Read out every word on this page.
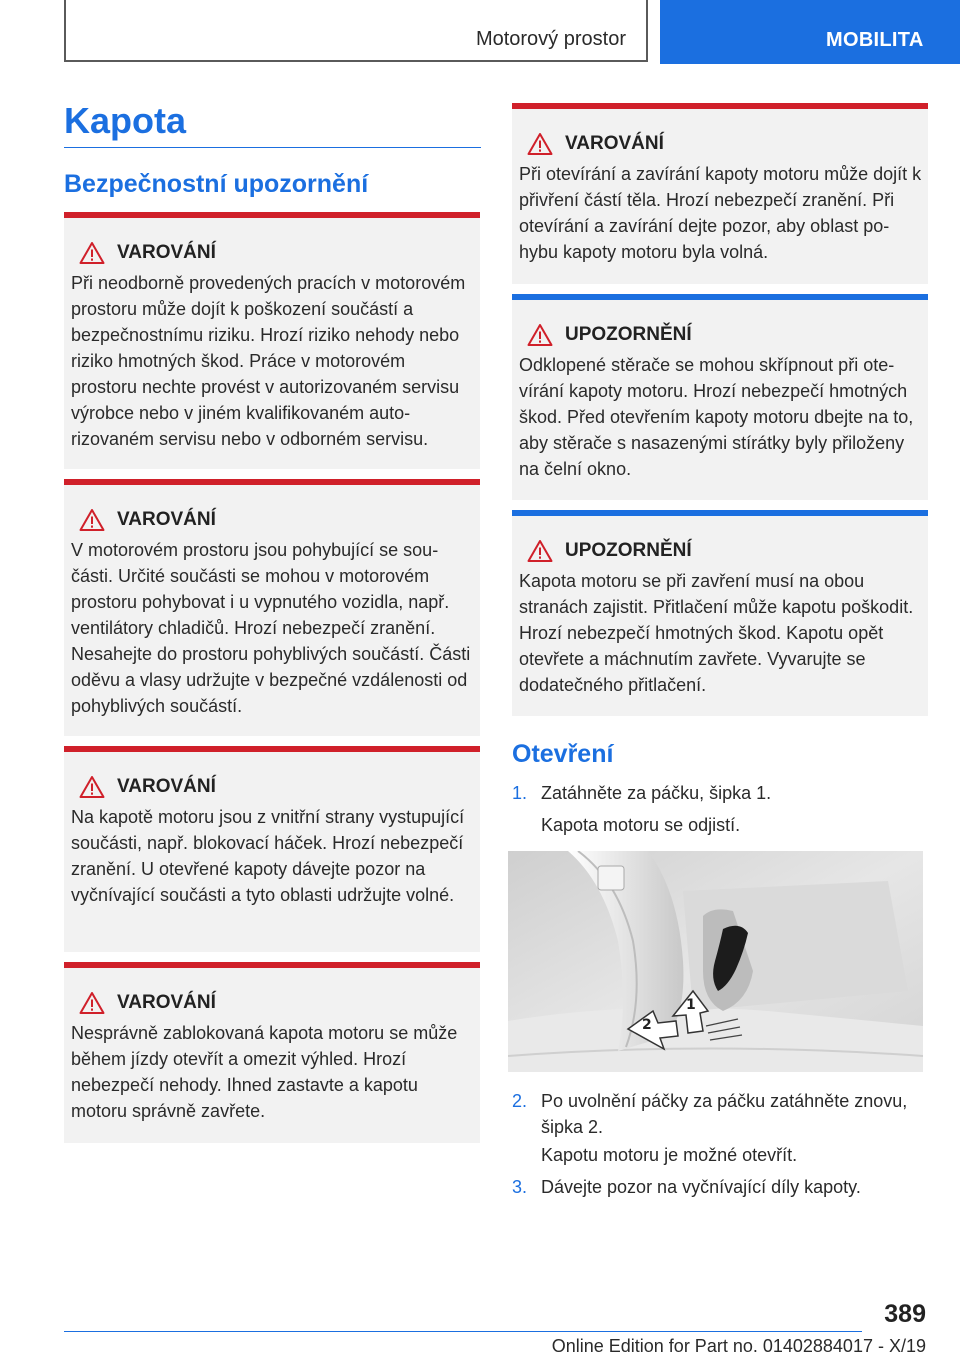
Motorový prostor	MOBILITA
Kapota
Bezpečnostní upozornění
VAROVÁNÍ
Při neodborně provedených pracích v motorovém prostoru může dojít k poškození součástí a bezpečnostnímu riziku. Hrozí riziko nehody nebo riziko hmotných škod. Práce v motorovém prostoru nechte provést v autorizovaném servisu výrobce nebo v jiném kvalifikovaném autorizovaném servisu nebo v odborném servisu.
VAROVÁNÍ
V motorovém prostoru jsou pohybující se součásti. Určité součásti se mohou v motorovém prostoru pohybovat i u vypnutého vozidla, např. ventilátory chladičů. Hrozí nebezpečí zranění. Nesahejte do prostoru pohyblivých součástí. Části oděvu a vlasy udržujte v bezpečné vzdálenosti od pohyblivých součástí.
VAROVÁNÍ
Na kapotě motoru jsou z vnitřní strany vystupující součásti, např. blokovací háček. Hrozí nebezpečí zranění. U otevřené kapoty dávejte pozor na vyčnívající součásti a tyto oblasti udržujte volné.
VAROVÁNÍ
Nesprávně zablokovaná kapota motoru se může během jízdy otevřít a omezit výhled. Hrozí nebezpečí nehody. Ihned zastavte a kapotu motoru správně zavřete.
VAROVÁNÍ
Při otevírání a zavírání kapoty motoru může dojít k přivření částí těla. Hrozí nebezpečí zranění. Při otevírání a zavírání dejte pozor, aby oblast pohybu kapoty motoru byla volná.
UPOZORNĚNÍ
Odklopené stěrače se mohou skřípnout při otevírání kapoty motoru. Hrozí nebezpečí hmotných škod. Před otevřením kapoty motoru dbejte na to, aby stěrače s nasazenými stírátky byly přiloženy na čelní okno.
UPOZORNĚNÍ
Kapota motoru se při zavření musí na obou stranách zajistit. Přitlačení může kapotu poškodit. Hrozí nebezpečí hmotných škod. Kapotu opět otevřete a máchnutím zavřete. Vyvarujte se dodatečného přitlačení.
Otevření
1. Zatáhněte za páčku, šipka 1.
Kapota motoru se odjistí.
1
2
2. Po uvolnění páčky za páčku zatáhněte znovu, šipka 2.
Kapotu motoru je možné otevřít.
3. Dávejte pozor na vyčnívající díly kapoty.
389
Online Edition for Part no. 01402884017 - X/19
